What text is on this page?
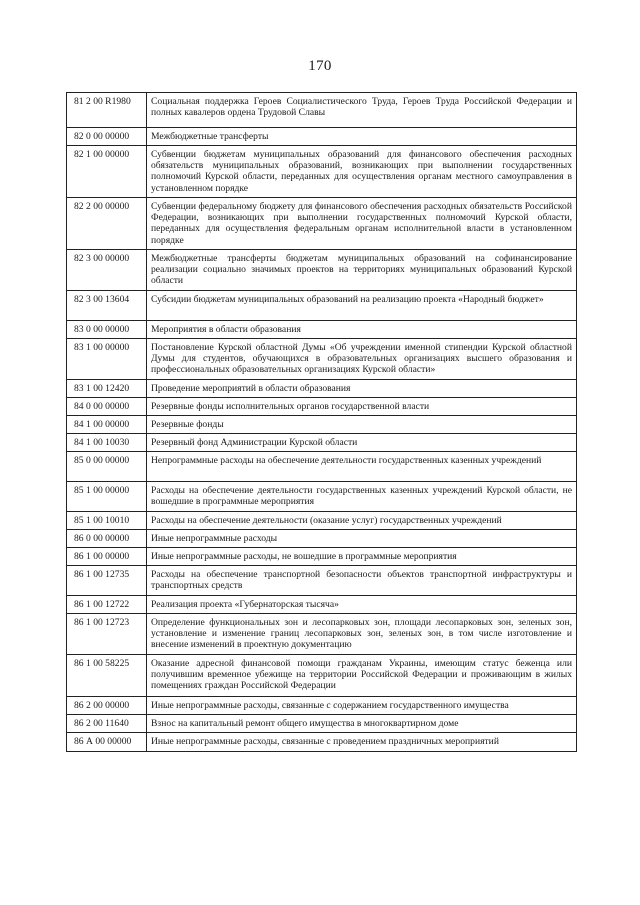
170
81 2 00 R1980	Социальная поддержка Героев Социалистического Труда, Героев Труда Российской Федерации и полных кавалеров ордена Трудовой Славы
82 0 00 00000	Межбюджетные трансферты
82 1 00 00000	Субвенции бюджетам муниципальных образований для финансового обеспечения расходных обязательств муниципальных образований, возникающих при выполнении государственных полномочий Курской области, переданных для осуществления органам местного самоуправления в установленном порядке
82 2 00 00000	Субвенции федеральному бюджету для финансового обеспечения расходных обязательств Российской Федерации, возникающих при выполнении государственных полномочий Курской области, переданных для осуществления федеральным органам исполнительной власти в установленном порядке
82 3 00 00000	Межбюджетные трансферты бюджетам муниципальных образований на софинансирование реализации социально значимых проектов на территориях муниципальных образований Курской области
82 3 00 13604	Субсидии бюджетам муниципальных образований на реализацию проекта «Народный бюджет»
83 0 00 00000	Мероприятия в области образования
83 1 00 00000	Постановление Курской областной Думы «Об учреждении именной стипендии Курской областной Думы для студентов, обучающихся в образовательных организациях высшего образования и профессиональных образовательных организациях Курской области»
83 1 00 12420	Проведение мероприятий в области образования
84 0 00 00000	Резервные фонды исполнительных органов государственной власти
84 1 00 00000	Резервные фонды
84 1 00 10030	Резервный фонд Администрации Курской области
85 0 00 00000	Непрограммные расходы на обеспечение деятельности государственных казенных учреждений
85 1 00 00000	Расходы на обеспечение деятельности государственных казенных учреждений Курской области, не вошедшие в программные мероприятия
85 1 00 10010	Расходы на обеспечение деятельности (оказание услуг) государственных учреждений
86 0 00 00000	Иные непрограммные расходы
86 1 00 00000	Иные непрограммные расходы, не вошедшие в программные мероприятия
86 1 00 12735	Расходы на обеспечение транспортной безопасности объектов транспортной инфраструктуры и транспортных средств
86 1 00 12722	Реализация проекта «Губернаторская тысяча»
86 1 00 12723	Определение функциональных зон и лесопарковых зон, площади лесопарковых зон, зеленых зон, установление и изменение границ лесопарковых зон, зеленых зон, в том числе изготовление и внесение изменений в проектную документацию
86 1 00 58225	Оказание адресной финансовой помощи гражданам Украины, имеющим статус беженца или получившим временное убежище на территории Российской Федерации и проживающим в жилых помещениях граждан Российской Федерации
86 2 00 00000	Иные непрограммные расходы, связанные с содержанием государственного имущества
86 2 00 11640	Взнос на капитальный ремонт общего имущества в многоквартирном доме
86 А 00 00000	Иные непрограммные расходы, связанные с проведением праздничных мероприятий
